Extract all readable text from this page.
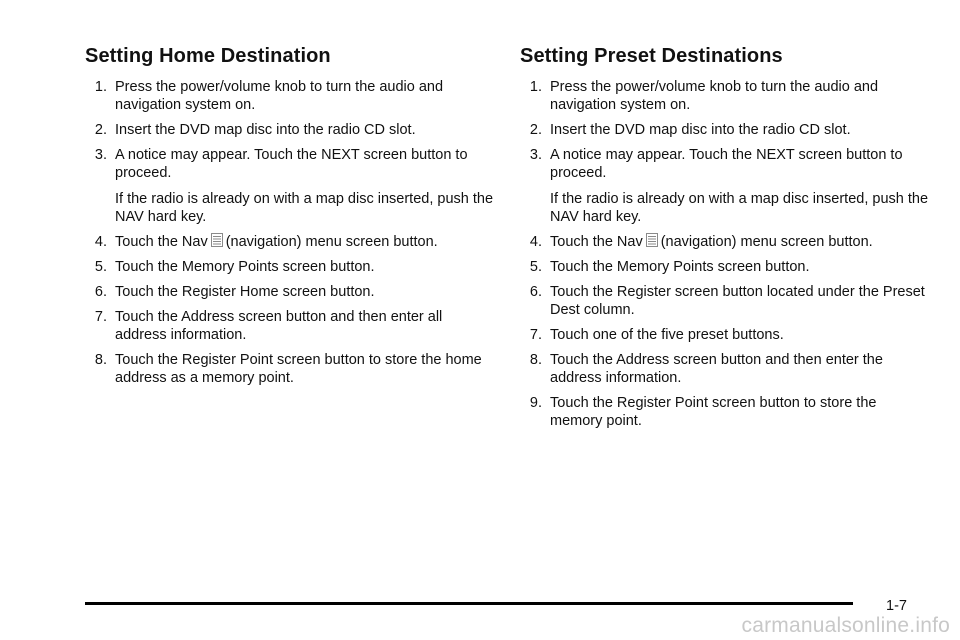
Setting Home Destination
1. Press the power/volume knob to turn the audio and navigation system on.
2. Insert the DVD map disc into the radio CD slot.
3. A notice may appear. Touch the NEXT screen button to proceed.
If the radio is already on with a map disc inserted, push the NAV hard key.
4. Touch the Nav (navigation) menu screen button.
5. Touch the Memory Points screen button.
6. Touch the Register Home screen button.
7. Touch the Address screen button and then enter all address information.
8. Touch the Register Point screen button to store the home address as a memory point.
Setting Preset Destinations
1. Press the power/volume knob to turn the audio and navigation system on.
2. Insert the DVD map disc into the radio CD slot.
3. A notice may appear. Touch the NEXT screen button to proceed.
If the radio is already on with a map disc inserted, push the NAV hard key.
4. Touch the Nav (navigation) menu screen button.
5. Touch the Memory Points screen button.
6. Touch the Register screen button located under the Preset Dest column.
7. Touch one of the five preset buttons.
8. Touch the Address screen button and then enter the address information.
9. Touch the Register Point screen button to store the memory point.
1-7
carmanualsonline.info
